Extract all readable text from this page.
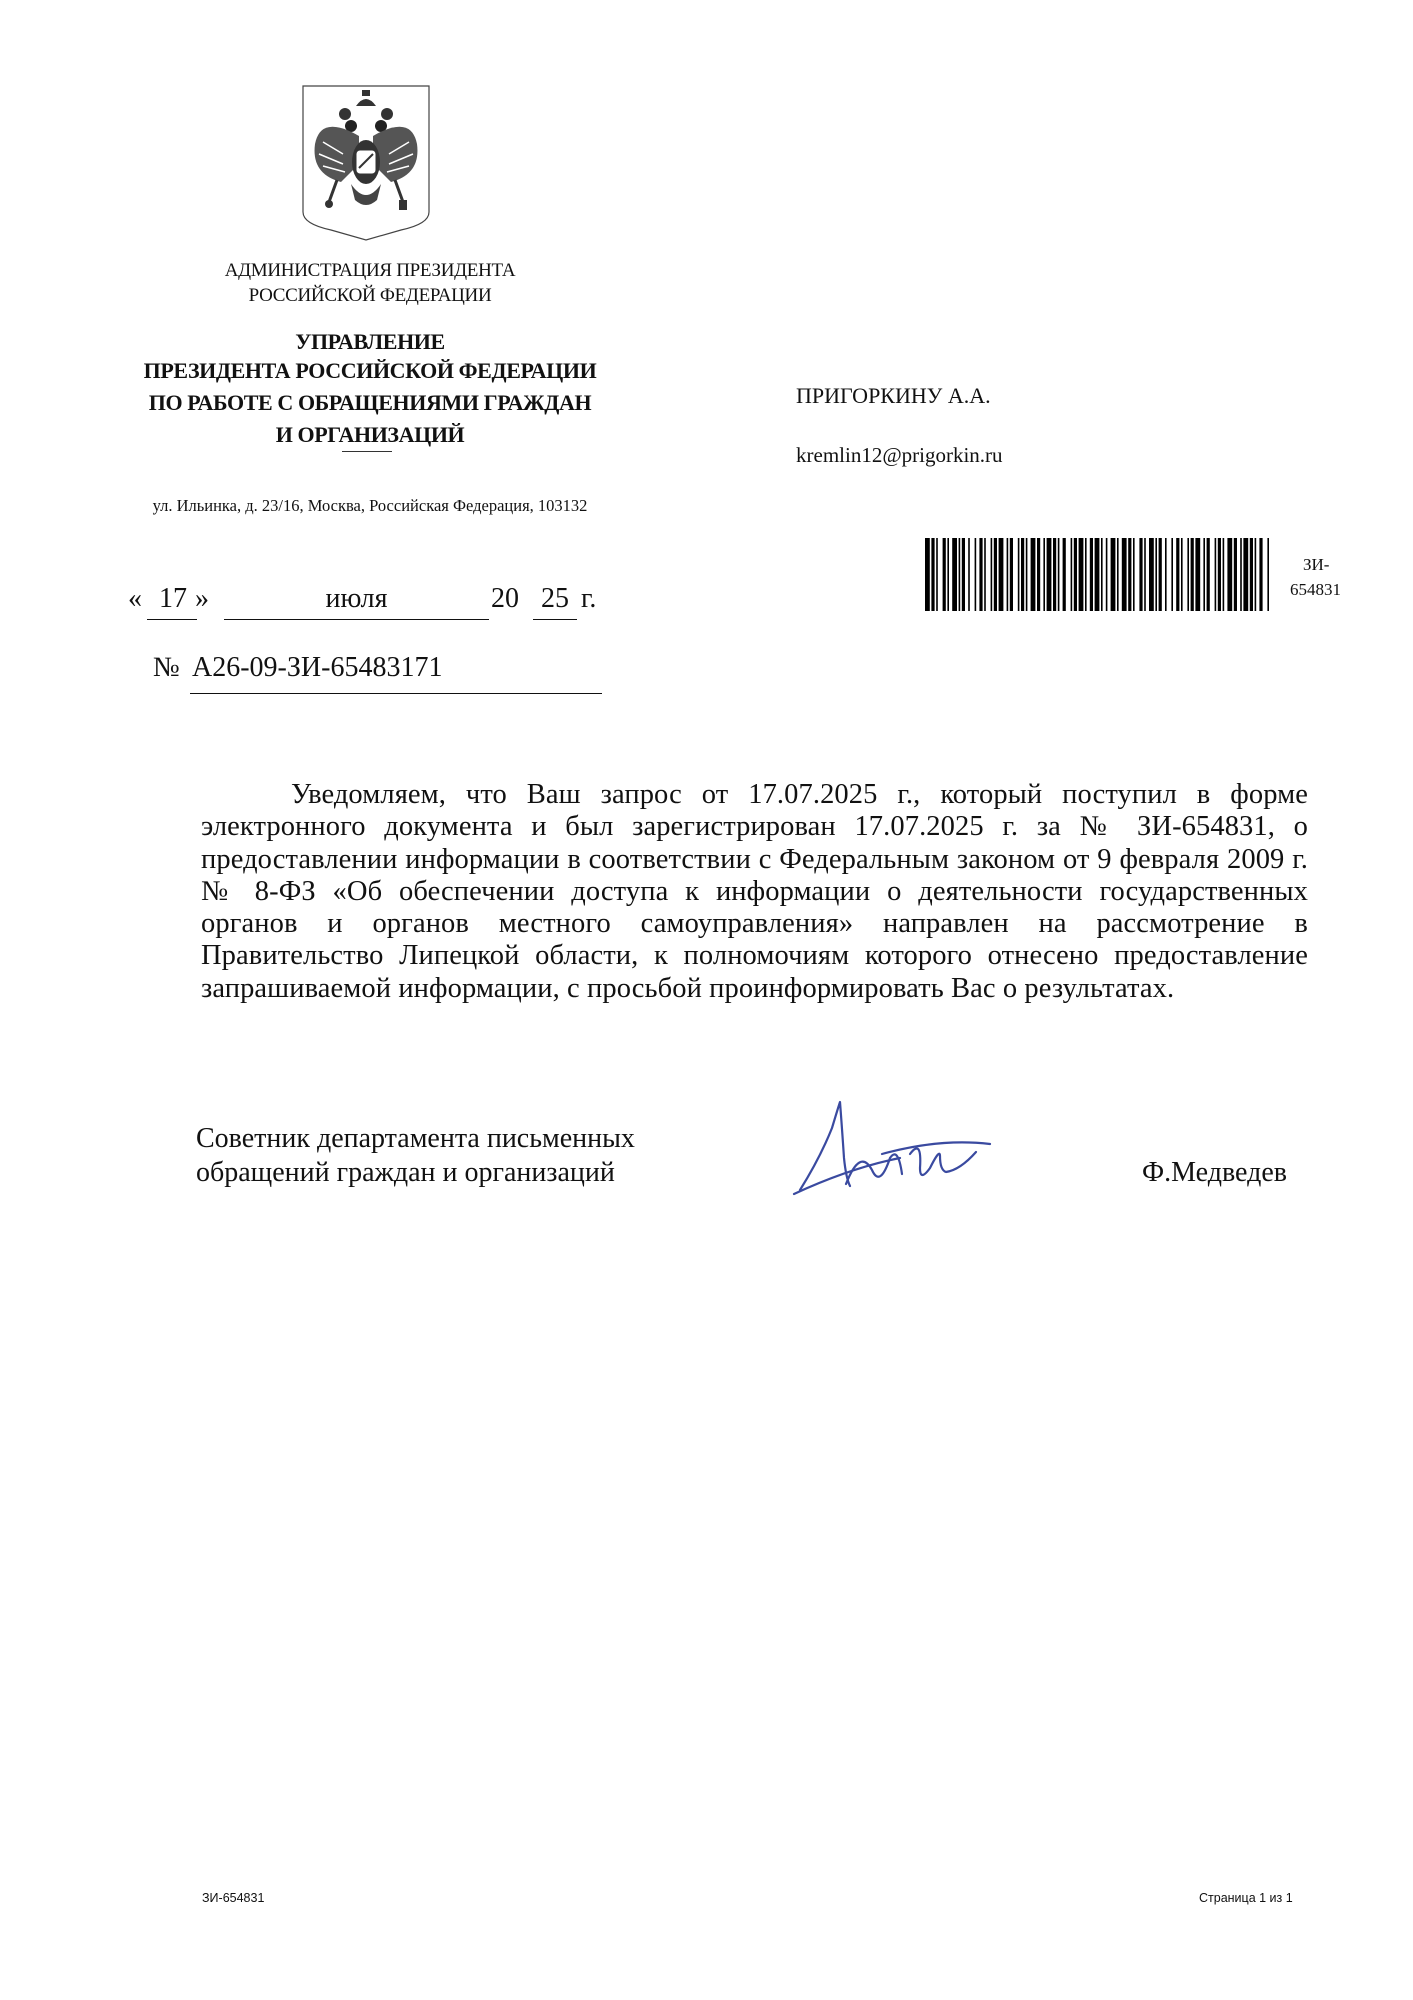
АДМИНИСТРАЦИЯ ПРЕЗИДЕНТА
РОССИЙСКОЙ ФЕДЕРАЦИИ
УПРАВЛЕНИЕ
ПРЕЗИДЕНТА РОССИЙСКОЙ ФЕДЕРАЦИИ
ПО РАБОТЕ С ОБРАЩЕНИЯМИ ГРАЖДАН
И ОРГАНИЗАЦИЙ
ул. Ильинка, д. 23/16, Москва, Российская Федерация, 103132
ПРИГОРКИНУ А.А.
kremlin12@prigorkin.ru
ЗИ-
654831
« 17 »	июля	20 25 г.
№ А26-09-ЗИ-65483171
Уведомляем, что Ваш запрос от 17.07.2025 г., который поступил в форме электронного документа и был зарегистрирован 17.07.2025 г. за № ЗИ-654831, о предоставлении информации в соответствии с Федеральным законом от 9 февраля 2009 г. № 8-ФЗ «Об обеспечении доступа к информации о деятельности государственных органов и органов местного самоуправления» направлен на рассмотрение в Правительство Липецкой области, к полномочиям которого отнесено предоставление запрашиваемой информации, с просьбой проинформировать Вас о результатах.
Советник департамента письменных
обращений граждан и организаций	Ф.Медведев
ЗИ-654831	Страница 1 из 1
